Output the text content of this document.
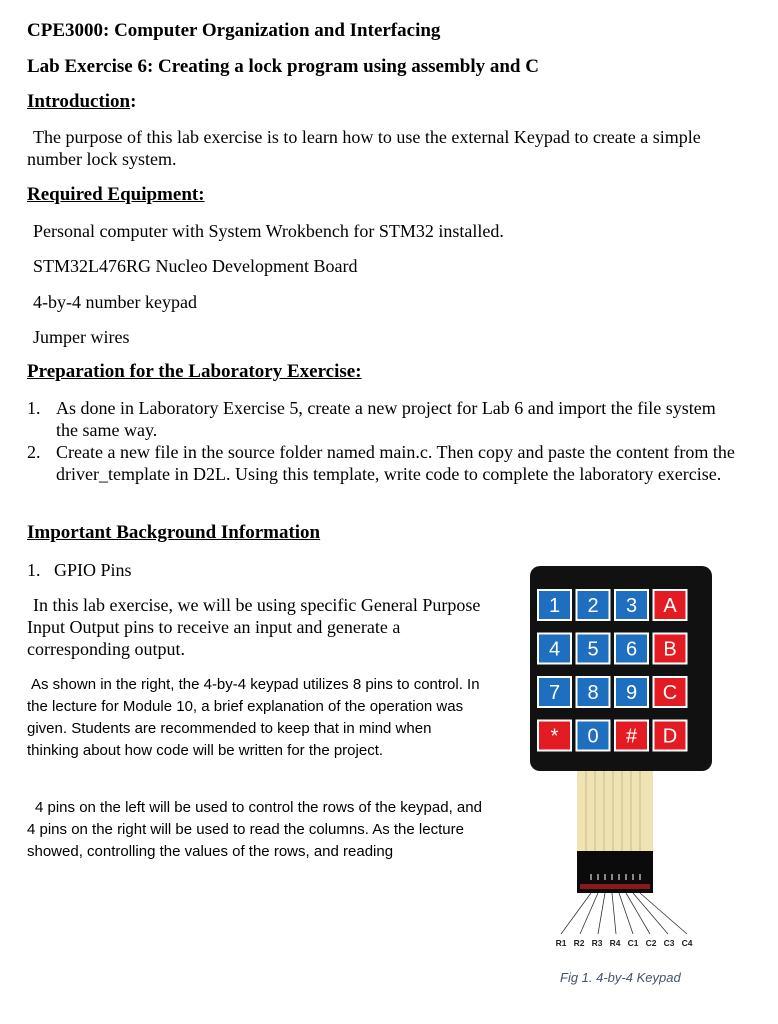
CPE3000: Computer Organization and Interfacing
Lab Exercise 6: Creating a lock program using assembly and C
Introduction:
The purpose of this lab exercise is to learn how to use the external Keypad to create a simple number lock system.
Required Equipment:
Personal computer with System Wrokbench for STM32 installed.
STM32L476RG Nucleo Development Board
4-by-4 number keypad
Jumper wires
Preparation for the Laboratory Exercise:
1. As done in Laboratory Exercise 5, create a new project for Lab 6 and import the file system the same way.
2. Create a new file in the source folder named main.c. Then copy and paste the content from the driver_template in D2L. Using this template, write code to complete the laboratory exercise.
Important Background Information
1. GPIO Pins
In this lab exercise, we will be using specific General Purpose Input Output pins to receive an input and generate a corresponding output.
As shown in the right, the 4-by-4 keypad utilizes 8 pins to control. In the lecture for Module 10, a brief explanation of the operation was given. Students are recommended to keep that in mind when thinking about how code will be written for the project.
4 pins on the left will be used to control the rows of the keypad, and 4 pins on the right will be used to read the columns. As the lecture showed, controlling the values of the rows, and reading
1 2 3 A
4 5 6 B
7 8 9 C
* 0 # D
R1 R2 R3 R4 C1 C2 C3 C4
Fig 1. 4-by-4 Keypad
